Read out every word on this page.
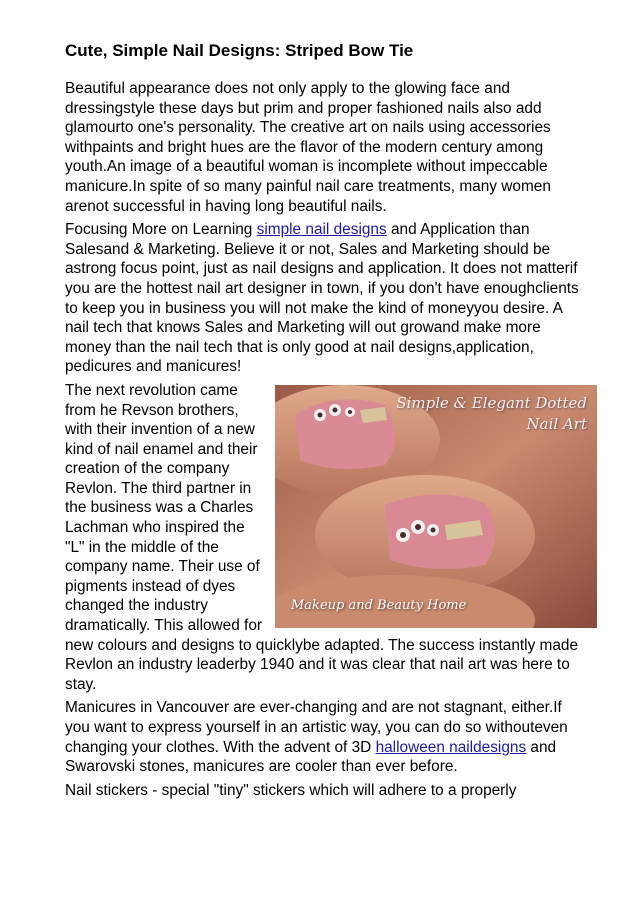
Cute, Simple Nail Designs: Striped Bow Tie

Beautiful appearance does not only apply to the glowing face and dressingstyle these days but prim and proper fashioned nails also add glamourto one's personality. The creative art on nails using accessories withpaints and bright hues are the flavor of the modern century among youth.An image of a beautiful woman is incomplete without impeccable manicure.In spite of so many painful nail care treatments, many women arenot successful in having long beautiful nails.

Focusing More on Learning simple nail designs and Application than Salesand & Marketing. Believe it or not, Sales and Marketing should be astrong focus point, just as nail designs and application. It does not matterif you are the hottest nail art designer in town, if you don't have enoughclients to keep you in business you will not make the kind of moneyyou desire. A nail tech that knows Sales and Marketing will out growand make more money than the nail tech that is only good at nail designs,application, pedicures and manicures!

Simple & Elegant Dotted
Nail Art
Makeup and Beauty Home

The next revolution came from he Revson brothers, with their invention of a new kind of nail enamel and their creation of the company Revlon. The third partner in the business was a Charles Lachman who inspired the "L" in the middle of the company name. Their use of pigments instead of dyes changed the industry dramatically. This allowed for new colours and designs to quicklybe adapted. The success instantly made Revlon an industry leaderby 1940 and it was clear that nail art was here to stay.

Manicures in Vancouver are ever-changing and are not stagnant, either.If you want to express yourself in an artistic way, you can do so withouteven changing your clothes. With the advent of 3D halloween naildesigns and Swarovski stones, manicures are cooler than ever before.

Nail stickers - special "tiny" stickers which will adhere to a properly
